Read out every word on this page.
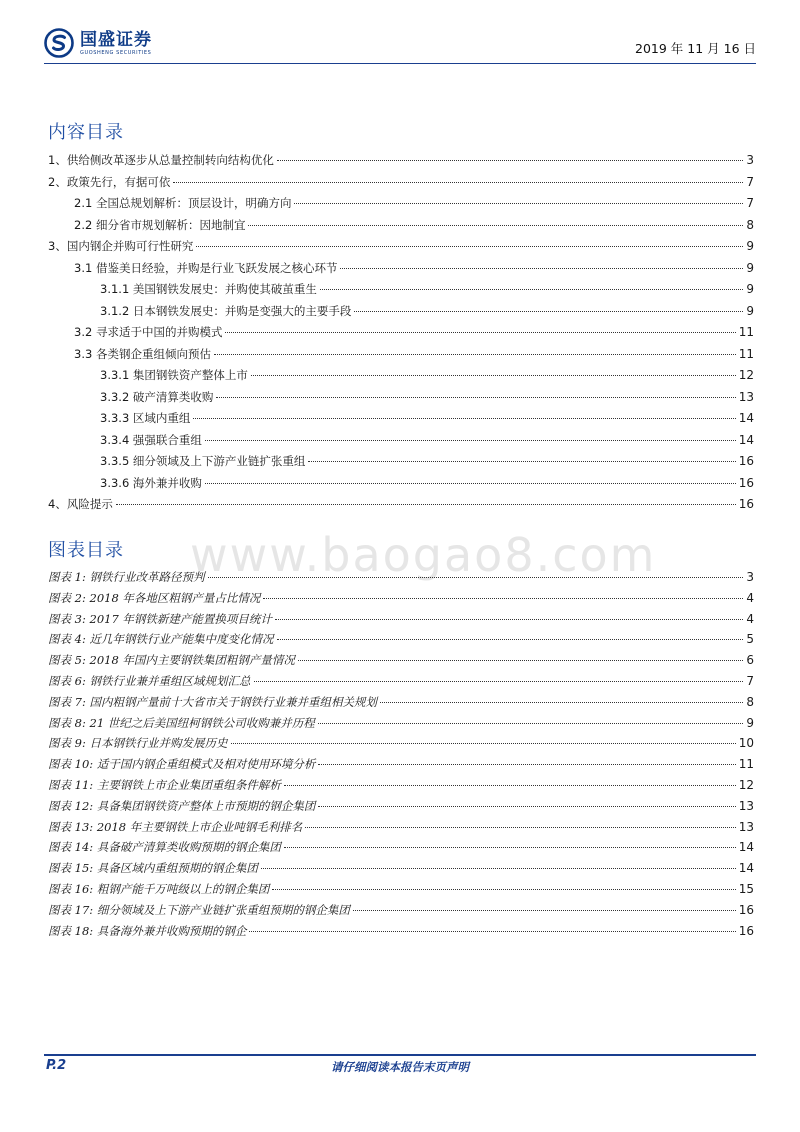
国盛证券
GUOSHENG SECURITIES	2019 年 11 月 16 日
内容目录
1、供给侧改革逐步从总量控制转向结构优化	3
2、政策先行，有据可依	7
2.1 全国总规划解析：顶层设计，明确方向	7
2.2 细分省市规划解析：因地制宜	8
3、国内钢企并购可行性研究	9
3.1 借鉴美日经验，并购是行业飞跃发展之核心环节	9
3.1.1 美国钢铁发展史：并购使其破茧重生	9
3.1.2 日本钢铁发展史：并购是变强大的主要手段	9
3.2 寻求适于中国的并购模式	11
3.3 各类钢企重组倾向预估	11
3.3.1 集团钢铁资产整体上市	12
3.3.2 破产清算类收购	13
3.3.3 区域内重组	14
3.3.4 强强联合重组	14
3.3.5 细分领域及上下游产业链扩张重组	16
3.3.6 海外兼并收购	16
4、风险提示	16
www.baogao8.com
图表目录
图表 1: 钢铁行业改革路径预判	3
图表 2: 2018 年各地区粗钢产量占比情况	4
图表 3: 2017 年钢铁新建产能置换项目统计	4
图表 4: 近几年钢铁行业产能集中度变化情况	5
图表 5: 2018 年国内主要钢铁集团粗钢产量情况	6
图表 6: 钢铁行业兼并重组区域规划汇总	7
图表 7: 国内粗钢产量前十大省市关于钢铁行业兼并重组相关规划	8
图表 8: 21 世纪之后美国纽柯钢铁公司收购兼并历程	9
图表 9: 日本钢铁行业并购发展历史	10
图表 10: 适于国内钢企重组模式及相对使用环境分析	11
图表 11: 主要钢铁上市企业集团重组条件解析	12
图表 12: 具备集团钢铁资产整体上市预期的钢企集团	13
图表 13: 2018 年主要钢铁上市企业吨钢毛利排名	13
图表 14: 具备破产清算类收购预期的钢企集团	14
图表 15: 具备区域内重组预期的钢企集团	14
图表 16: 粗钢产能千万吨级以上的钢企集团	15
图表 17: 细分领域及上下游产业链扩张重组预期的钢企集团	16
图表 18: 具备海外兼并收购预期的钢企	16
P.2	请仔细阅读本报告末页声明
